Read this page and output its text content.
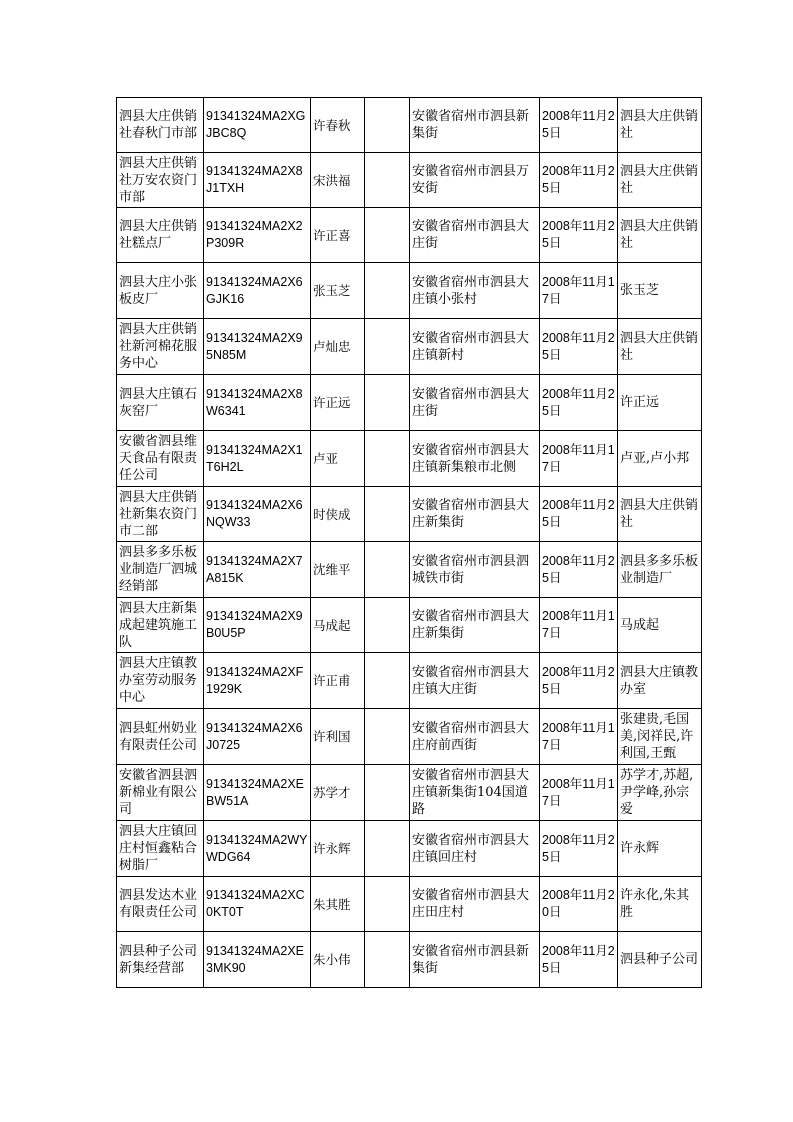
泗县大庄供销社春秋门市部	91341324MA2XGJBC8Q	许春秋		安徽省宿州市泗县新集街	2008年11月25日	泗县大庄供销社
泗县大庄供销社万安农资门市部	91341324MA2X8J1TXH	宋洪福		安徽省宿州市泗县万安街	2008年11月25日	泗县大庄供销社
泗县大庄供销社糕点厂	91341324MA2X2P309R	许正喜		安徽省宿州市泗县大庄街	2008年11月25日	泗县大庄供销社
泗县大庄小张板皮厂	91341324MA2X6GJK16	张玉芝		安徽省宿州市泗县大庄镇小张村	2008年11月17日	张玉芝
泗县大庄供销社新河棉花服务中心	91341324MA2X95N85M	卢灿忠		安徽省宿州市泗县大庄镇新村	2008年11月25日	泗县大庄供销社
泗县大庄镇石灰窑厂	91341324MA2X8W6341	许正远		安徽省宿州市泗县大庄街	2008年11月25日	许正远
安徽省泗县维天食品有限责任公司	91341324MA2X1T6H2L	卢亚		安徽省宿州市泗县大庄镇新集粮市北侧	2008年11月17日	卢亚,卢小邦
泗县大庄供销社新集农资门市二部	91341324MA2X6NQW33	时侠成		安徽省宿州市泗县大庄新集街	2008年11月25日	泗县大庄供销社
泗县多多乐板业制造厂泗城经销部	91341324MA2X7A815K	沈维平		安徽省宿州市泗县泗城铁市街	2008年11月25日	泗县多多乐板业制造厂
泗县大庄新集成起建筑施工队	91341324MA2X9B0U5P	马成起		安徽省宿州市泗县大庄新集街	2008年11月17日	马成起
泗县大庄镇教办室劳动服务中心	91341324MA2XF1929K	许正甫		安徽省宿州市泗县大庄镇大庄街	2008年11月25日	泗县大庄镇教办室
泗县虹州奶业有限责任公司	91341324MA2X6J0725	许利国		安徽省宿州市泗县大庄府前西街	2008年11月17日	张建贵,毛国美,闵祥民,许利国,王甄
安徽省泗县泗新棉业有限公司	91341324MA2XEBW51A	苏学才		安徽省宿州市泗县大庄镇新集街104国道路	2008年11月17日	苏学才,苏超,尹学峰,孙宗爱
泗县大庄镇回庄村恒鑫粘合树脂厂	91341324MA2WYWDG64	许永辉		安徽省宿州市泗县大庄镇回庄村	2008年11月25日	许永辉
泗县发达木业有限责任公司	91341324MA2XC0KT0T	朱其胜		安徽省宿州市泗县大庄田庄村	2008年11月20日	许永化,朱其胜
泗县种子公司新集经营部	91341324MA2XE3MK90	朱小伟		安徽省宿州市泗县新集街	2008年11月25日	泗县种子公司
